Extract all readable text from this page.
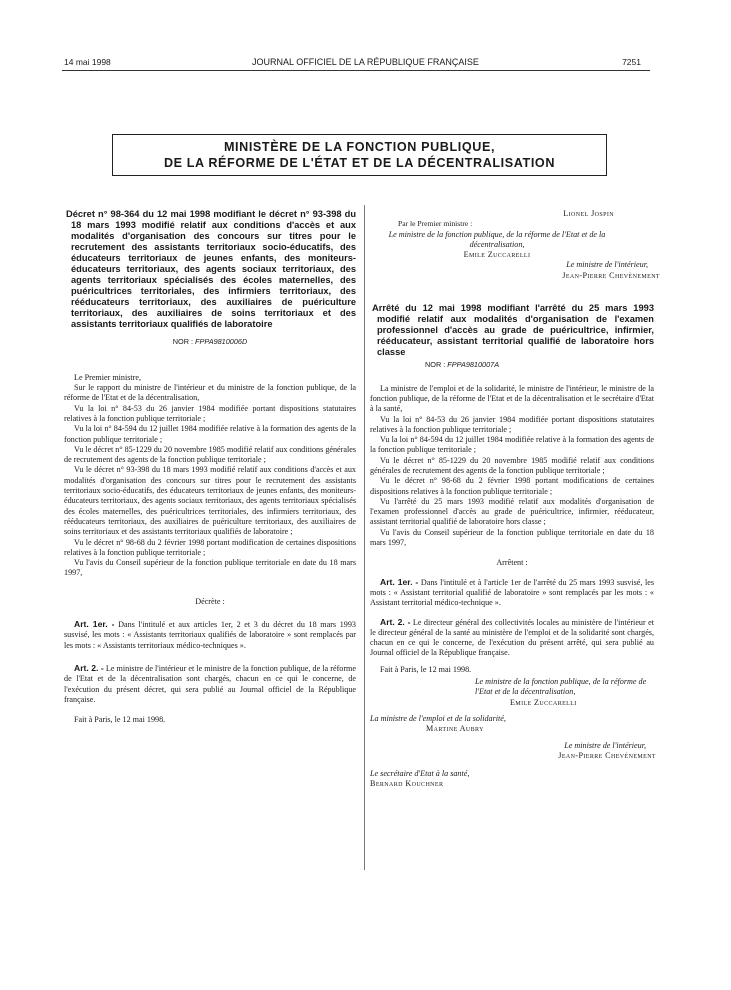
14 mai 1998	JOURNAL OFFICIEL DE LA RÉPUBLIQUE FRANÇAISE	7251
MINISTÈRE DE LA FONCTION PUBLIQUE,
DE LA RÉFORME DE L'ÉTAT ET DE LA DÉCENTRALISATION
Décret n° 98-364 du 12 mai 1998 modifiant le décret n° 93-398 du 18 mars 1993 modifié relatif aux conditions d'accès et aux modalités d'organisation des concours sur titres pour le recrutement des assistants territoriaux socio-éducatifs, des éducateurs territoriaux de jeunes enfants, des moniteurs-éducateurs territoriaux, des agents sociaux territoriaux, des agents territoriaux spécialisés des écoles maternelles, des puéricultrices territoriales, des infirmiers territoriaux, des rééducateurs territoriaux, des auxiliaires de puériculture territoriaux, des auxiliaires de soins territoriaux et des assistants territoriaux qualifiés de laboratoire
NOR : FPPA9810006D

Le Premier ministre,

Sur le rapport du ministre de l'intérieur et du ministre de la fonction publique, de la réforme de l'Etat et de la décentralisation,

Vu la loi n° 84-53 du 26 janvier 1984 modifiée portant dispositions statutaires relatives à la fonction publique territoriale ;

Vu la loi n° 84-594 du 12 juillet 1984 modifiée relative à la formation des agents de la fonction publique territoriale ;

Vu le décret n° 85-1229 du 20 novembre 1985 modifié relatif aux conditions générales de recrutement des agents de la fonction publique territoriale ;

Vu le décret n° 93-398 du 18 mars 1993 modifié relatif aux conditions d'accès et aux modalités d'organisation des concours sur titres pour le recrutement des assistants territoriaux socio-éducatifs, des éducateurs territoriaux de jeunes enfants, des moniteurs-éducateurs territoriaux, des agents sociaux territoriaux, des agents territoriaux spécialisés des écoles maternelles, des puéricultrices territoriales, des infirmiers territoriaux, des rééducateurs territoriaux, des auxiliaires de puériculture territoriaux, des auxiliaires de soins territoriaux et des assistants territoriaux qualifiés de laboratoire ;

Vu le décret n° 98-68 du 2 février 1998 portant modification de certaines dispositions relatives à la fonction publique territoriale ;

Vu l'avis du Conseil supérieur de la fonction publique territoriale en date du 18 mars 1997,

Décrète :

Art. 1er. - Dans l'intitulé et aux articles 1er, 2 et 3 du décret du 18 mars 1993 susvisé, les mots : « Assistants territoriaux qualifiés de laboratoire » sont remplacés par les mots : « Assistants territoriaux médico-techniques ».

Art. 2. - Le ministre de l'intérieur et le ministre de la fonction publique, de la réforme de l'Etat et de la décentralisation sont chargés, chacun en ce qui le concerne, de l'exécution du présent décret, qui sera publié au Journal officiel de la République française.

Fait à Paris, le 12 mai 1998.

Lionel Jospin
Par le Premier ministre :
Le ministre de la fonction publique, de la réforme de l'Etat et de la décentralisation,
Emile Zuccarelli
Le ministre de l'intérieur,
Jean-Pierre Chevènement
Arrêté du 12 mai 1998 modifiant l'arrêté du 25 mars 1993 modifié relatif aux modalités d'organisation de l'examen professionnel d'accès au grade de puéricultrice, infirmier, rééducateur, assistant territorial qualifié de laboratoire hors classe
NOR : FPPA9810007A

La ministre de l'emploi et de la solidarité, le ministre de l'intérieur, le ministre de la fonction publique, de la réforme de l'Etat et de la décentralisation et le secrétaire d'Etat à la santé,

Vu la loi n° 84-53 du 26 janvier 1984 modifiée portant dispositions statutaires relatives à la fonction publique territoriale ;

Vu la loi n° 84-594 du 12 juillet 1984 modifiée relative à la formation des agents de la fonction publique territoriale ;

Vu le décret n° 85-1229 du 20 novembre 1985 modifié relatif aux conditions générales de recrutement des agents de la fonction publique territoriale ;

Vu le décret n° 98-68 du 2 février 1998 portant modifications de certaines dispositions relatives à la fonction publique territoriale ;

Vu l'arrêté du 25 mars 1993 modifié relatif aux modalités d'organisation de l'examen professionnel d'accès au grade de puéricultrice, infirmier, rééducateur, assistant territorial qualifié de laboratoire hors classe ;

Vu l'avis du Conseil supérieur de la fonction publique territoriale en date du 18 mars 1997,

Arrêtent :

Art. 1er. - Dans l'intitulé et à l'article 1er de l'arrêté du 25 mars 1993 susvisé, les mots : « Assistant territorial qualifié de laboratoire » sont remplacés par les mots : « Assistant territorial médico-technique ».

Art. 2. - Le directeur général des collectivités locales au ministère de l'intérieur et le directeur général de la santé au ministère de l'emploi et de la solidarité sont chargés, chacun en ce qui le concerne, de l'exécution du présent arrêté, qui sera publié au Journal officiel de la République française.

Fait à Paris, le 12 mai 1998.

Le ministre de la fonction publique, de la réforme de l'Etat et de la décentralisation,
Emile Zuccarelli
La ministre de l'emploi et de la solidarité,
Martine Aubry
Le ministre de l'intérieur,
Jean-Pierre Chevènement
Le secrétaire d'Etat à la santé,
Bernard Kouchner
